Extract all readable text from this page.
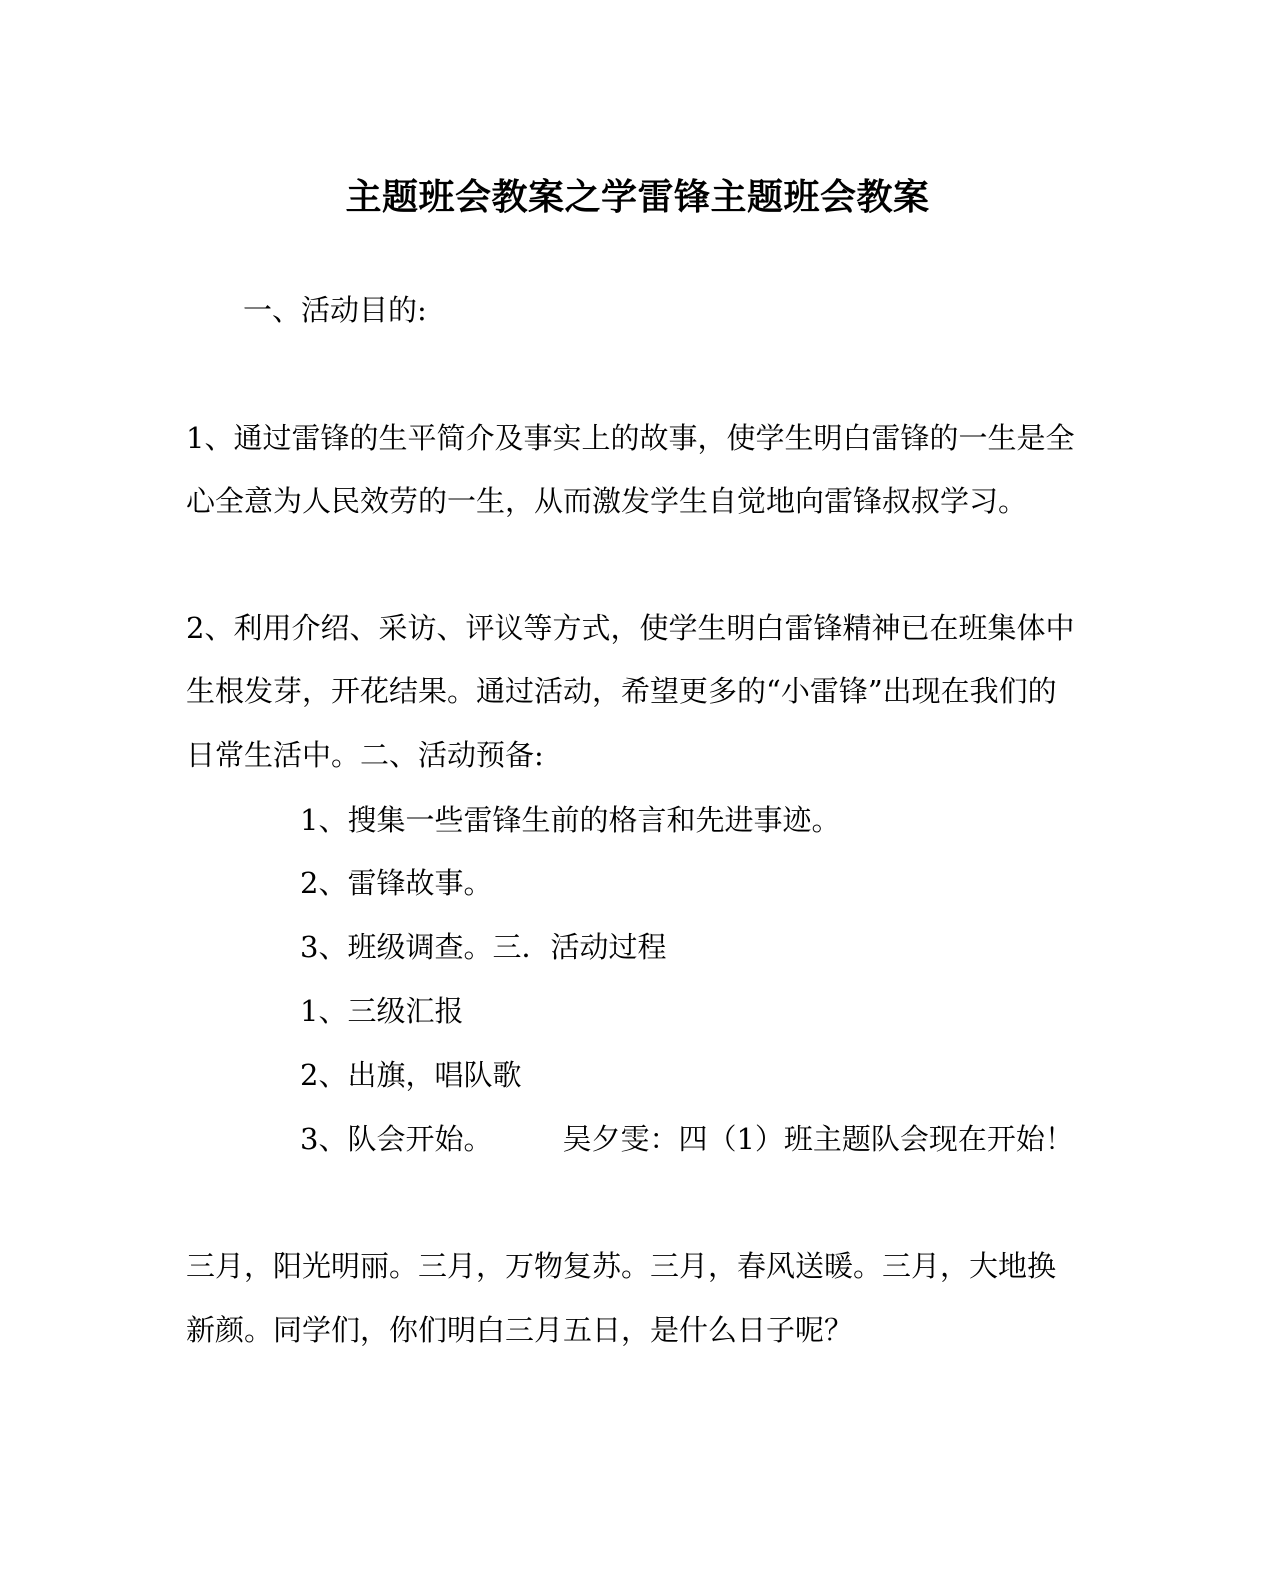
主题班会教案之学雷锋主题班会教案
一、活动目的:
1、通过雷锋的生平简介及事实上的故事，使学生明白雷锋的一生是全
心全意为人民效劳的一生，从而激发学生自觉地向雷锋叔叔学习。
2、利用介绍、采访、评议等方式，使学生明白雷锋精神已在班集体中
生根发芽，开花结果。通过活动，希望更多的“小雷锋”出现在我们的
日常生活中。二、活动预备:
1、搜集一些雷锋生前的格言和先进事迹。
2、雷锋故事。
3、班级调查。三．活动过程
1、三级汇报
2、出旗，唱队歌
3、队会开始。 吴夕雯：四（1）班主题队会现在开始！
三月，阳光明丽。三月，万物复苏。三月，春风送暖。三月，大地换
新颜。同学们，你们明白三月五日，是什么日子呢？
